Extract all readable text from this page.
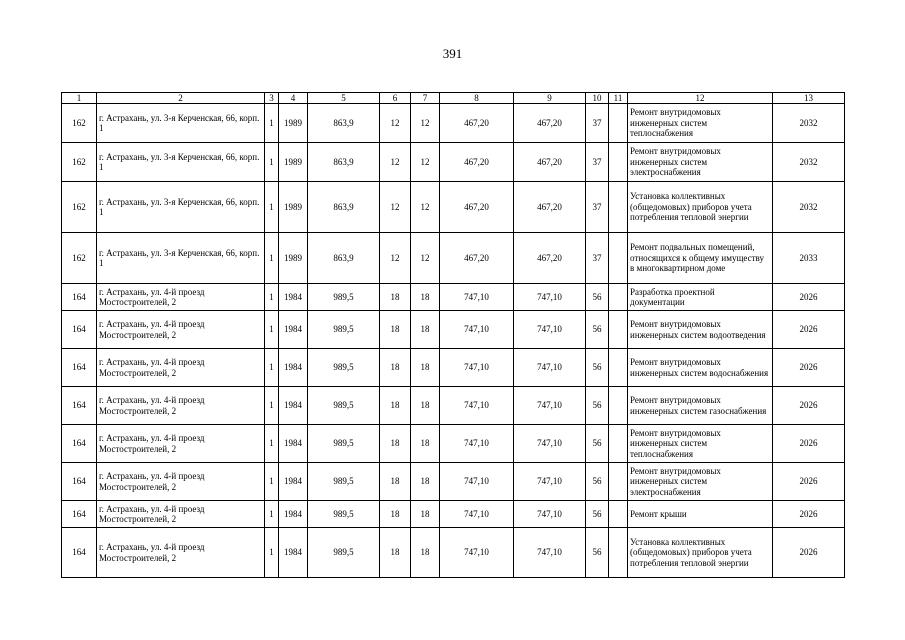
391
1	2	3	4	5	6	7	8	9	10	11	12	13
162	г. Астрахань, ул. 3-я Керченская, 66, корп. 1	1	1989	863,9	12	12	467,20	467,20	37		Ремонт внутридомовых инженерных систем теплоснабжения	2032
162	г. Астрахань, ул. 3-я Керченская, 66, корп. 1	1	1989	863,9	12	12	467,20	467,20	37		Ремонт внутридомовых инженерных систем электроснабжения	2032
162	г. Астрахань, ул. 3-я Керченская, 66, корп. 1	1	1989	863,9	12	12	467,20	467,20	37		Установка коллективных (общедомовых) приборов учета потребления тепловой энергии	2032
162	г. Астрахань, ул. 3-я Керченская, 66, корп. 1	1	1989	863,9	12	12	467,20	467,20	37		Ремонт подвальных помещений, относящихся к общему имуществу в многоквартирном доме	2033
164	г. Астрахань, ул. 4-й проезд Мостостроителей, 2	1	1984	989,5	18	18	747,10	747,10	56		Разработка проектной документации	2026
164	г. Астрахань, ул. 4-й проезд Мостостроителей, 2	1	1984	989,5	18	18	747,10	747,10	56		Ремонт внутридомовых инженерных систем водоотведения	2026
164	г. Астрахань, ул. 4-й проезд Мостостроителей, 2	1	1984	989,5	18	18	747,10	747,10	56		Ремонт внутридомовых инженерных систем водоснабжения	2026
164	г. Астрахань, ул. 4-й проезд Мостостроителей, 2	1	1984	989,5	18	18	747,10	747,10	56		Ремонт внутридомовых инженерных систем газоснабжения	2026
164	г. Астрахань, ул. 4-й проезд Мостостроителей, 2	1	1984	989,5	18	18	747,10	747,10	56		Ремонт внутридомовых инженерных систем теплоснабжения	2026
164	г. Астрахань, ул. 4-й проезд Мостостроителей, 2	1	1984	989,5	18	18	747,10	747,10	56		Ремонт внутридомовых инженерных систем электроснабжения	2026
164	г. Астрахань, ул. 4-й проезд Мостостроителей, 2	1	1984	989,5	18	18	747,10	747,10	56		Ремонт крыши	2026
164	г. Астрахань, ул. 4-й проезд Мостостроителей, 2	1	1984	989,5	18	18	747,10	747,10	56		Установка коллективных (общедомовых) приборов учета потребления тепловой энергии	2026
